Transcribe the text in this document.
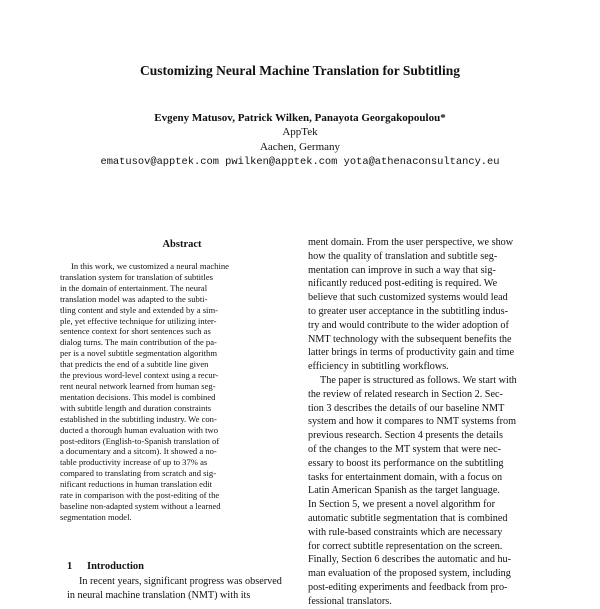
Customizing Neural Machine Translation for Subtitling
Evgeny Matusov, Patrick Wilken, Panayota Georgakopoulou*
AppTek
Aachen, Germany
ematusov@apptek.com pwilken@apptek.com yota@athenaconsultancy.eu
Abstract
In this work, we customized a neural machine
translation system for translation of subtitles
in the domain of entertainment. The neural
translation model was adapted to the subti-
tling content and style and extended by a sim-
ple, yet effective technique for utilizing inter-
sentence context for short sentences such as
dialog turns. The main contribution of the pa-
per is a novel subtitle segmentation algorithm
that predicts the end of a subtitle line given
the previous word-level context using a recur-
rent neural network learned from human seg-
mentation decisions. This model is combined
with subtitle length and duration constraints
established in the subtitling industry. We con-
ducted a thorough human evaluation with two
post-editors (English-to-Spanish translation of
a documentary and a sitcom). It showed a no-
table productivity increase of up to 37% as
compared to translating from scratch and sig-
nificant reductions in human translation edit
rate in comparison with the post-editing of the
baseline non-adapted system without a learned
segmentation model.
1 Introduction
In recent years, significant progress was observed
in neural machine translation (NMT) with its
ment domain. From the user perspective, we show
how the quality of translation and subtitle seg-
mentation can improve in such a way that sig-
nificantly reduced post-editing is required. We
believe that such customized systems would lead
to greater user acceptance in the subtitling indus-
try and would contribute to the wider adoption of
NMT technology with the subsequent benefits the
latter brings in terms of productivity gain and time
efficiency in subtitling workflows.
The paper is structured as follows. We start with
the review of related research in Section 2. Sec-
tion 3 describes the details of our baseline NMT
system and how it compares to NMT systems from
previous research. Section 4 presents the details
of the changes to the MT system that were nec-
essary to boost its performance on the subtitling
tasks for entertainment domain, with a focus on
Latin American Spanish as the target language.
In Section 5, we present a novel algorithm for
automatic subtitle segmentation that is combined
with rule-based constraints which are necessary
for correct subtitle representation on the screen.
Finally, Section 6 describes the automatic and hu-
man evaluation of the proposed system, including
post-editing experiments and feedback from pro-
fessional translators.
